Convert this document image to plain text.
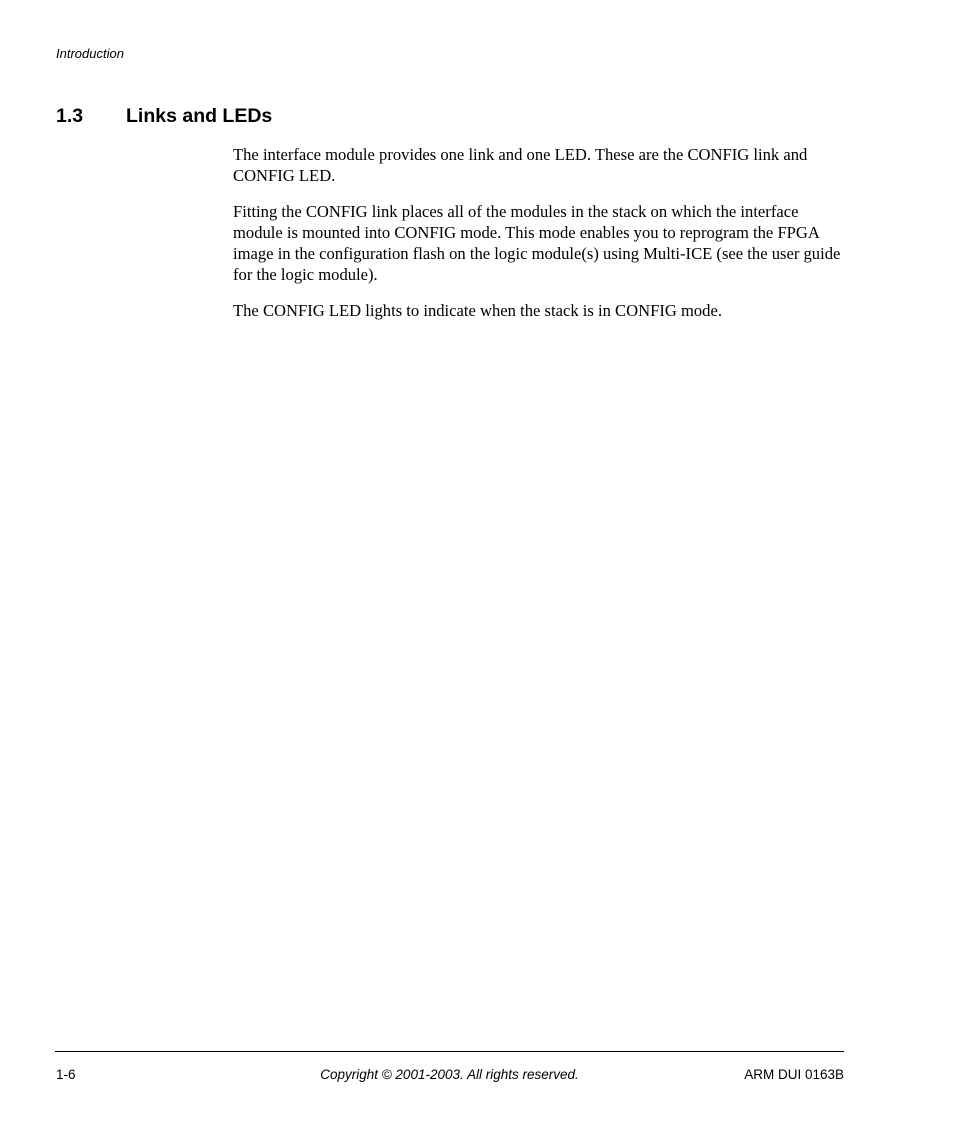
Introduction
1.3 Links and LEDs

The interface module provides one link and one LED. These are the CONFIG link and CONFIG LED.

Fitting the CONFIG link places all of the modules in the stack on which the interface module is mounted into CONFIG mode. This mode enables you to reprogram the FPGA image in the configuration flash on the logic module(s) using Multi-ICE (see the user guide for the logic module).

The CONFIG LED lights to indicate when the stack is in CONFIG mode.

1-6	Copyright © 2001-2003. All rights reserved.	ARM DUI 0163B
